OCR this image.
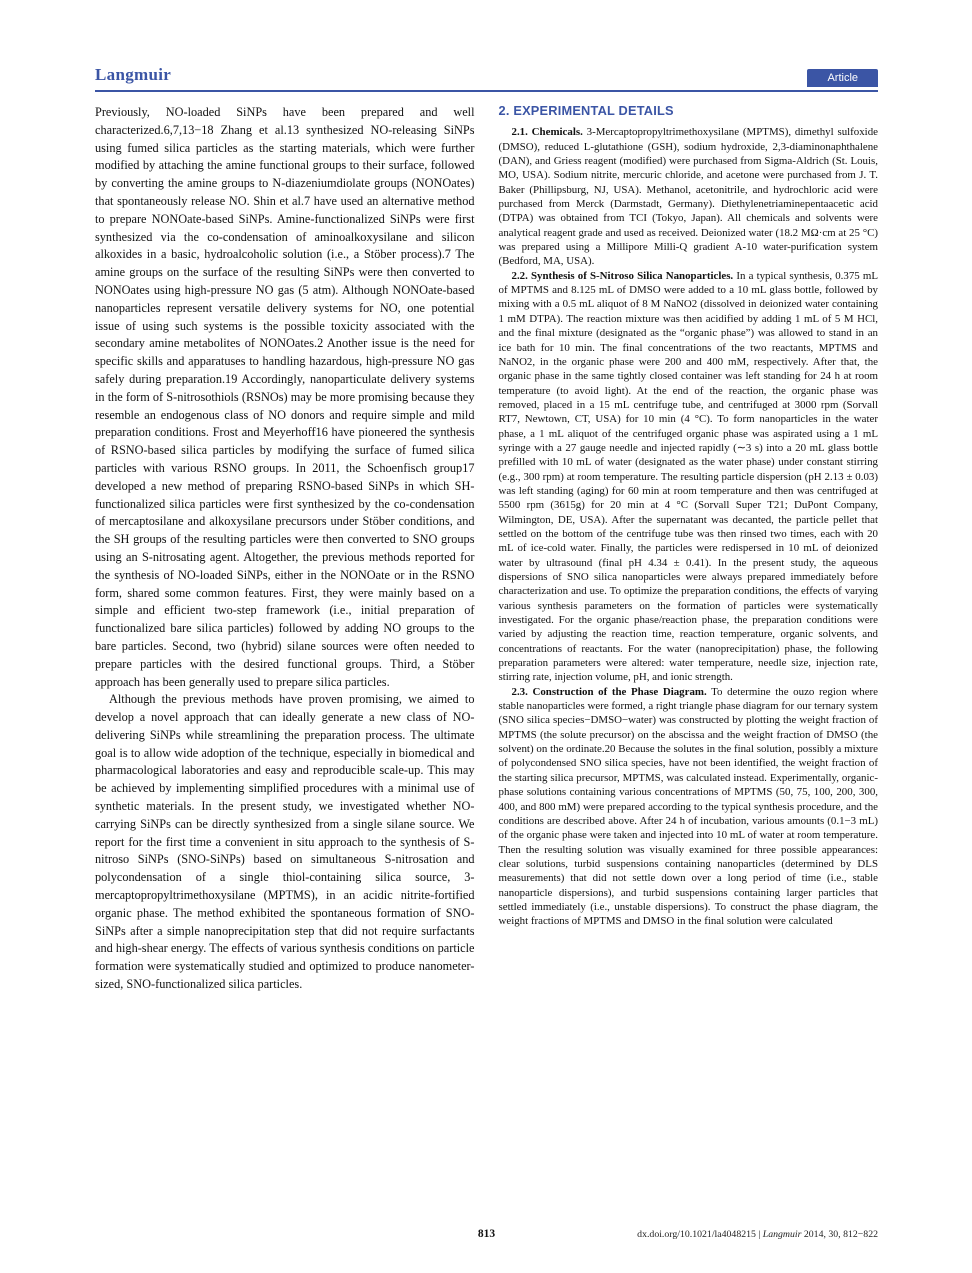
Langmuir	Article

Previously, NO-loaded SiNPs have been prepared and well characterized.6,7,13−18 Zhang et al.13 synthesized NO-releasing SiNPs using fumed silica particles as the starting materials, which were further modified by attaching the amine functional groups to their surface, followed by converting the amine groups to N-diazeniumdiolate groups (NONOates) that spontaneously release NO. Shin et al.7 have used an alternative method to prepare NONOate-based SiNPs. Amine-functionalized SiNPs were first synthesized via the co-condensation of aminoalkoxysilane and silicon alkoxides in a basic, hydroalcoholic solution (i.e., a Stöber process).7 The amine groups on the surface of the resulting SiNPs were then converted to NONOates using high-pressure NO gas (5 atm). Although NONOate-based nanoparticles represent versatile delivery systems for NO, one potential issue of using such systems is the possible toxicity associated with the secondary amine metabolites of NONOates.2 Another issue is the need for specific skills and apparatuses to handling hazardous, high-pressure NO gas safely during preparation.19 Accordingly, nanoparticulate delivery systems in the form of S-nitrosothiols (RSNOs) may be more promising because they resemble an endogenous class of NO donors and require simple and mild preparation conditions. Frost and Meyerhoff16 have pioneered the synthesis of RSNO-based silica particles by modifying the surface of fumed silica particles with various RSNO groups. In 2011, the Schoenfisch group17 developed a new method of preparing RSNO-based SiNPs in which SH-functionalized silica particles were first synthesized by the co-condensation of mercaptosilane and alkoxysilane precursors under Stöber conditions, and the SH groups of the resulting particles were then converted to SNO groups using an S-nitrosating agent. Altogether, the previous methods reported for the synthesis of NO-loaded SiNPs, either in the NONOate or in the RSNO form, shared some common features. First, they were mainly based on a simple and efficient two-step framework (i.e., initial preparation of functionalized bare silica particles) followed by adding NO groups to the bare particles. Second, two (hybrid) silane sources were often needed to prepare particles with the desired functional groups. Third, a Stöber approach has been generally used to prepare silica particles.

Although the previous methods have proven promising, we aimed to develop a novel approach that can ideally generate a new class of NO-delivering SiNPs while streamlining the preparation process. The ultimate goal is to allow wide adoption of the technique, especially in biomedical and pharmacological laboratories and easy and reproducible scale-up. This may be achieved by implementing simplified procedures with a minimal use of synthetic materials. In the present study, we investigated whether NO-carrying SiNPs can be directly synthesized from a single silane source. We report for the first time a convenient in situ approach to the synthesis of S-nitroso SiNPs (SNO-SiNPs) based on simultaneous S-nitrosation and polycondensation of a single thiol-containing silica source, 3-mercaptopropyltrimethoxysilane (MPTMS), in an acidic nitrite-fortified organic phase. The method exhibited the spontaneous formation of SNO-SiNPs after a simple nanoprecipitation step that did not require surfactants and high-shear energy. The effects of various synthesis conditions on particle formation were systematically studied and optimized to produce nanometer-sized, SNO-functionalized silica particles.

2. EXPERIMENTAL DETAILS

2.1. Chemicals. 3-Mercaptopropyltrimethoxysilane (MPTMS), dimethyl sulfoxide (DMSO), reduced L-glutathione (GSH), sodium hydroxide, 2,3-diaminonaphthalene (DAN), and Griess reagent (modified) were purchased from Sigma-Aldrich (St. Louis, MO, USA). Sodium nitrite, mercuric chloride, and acetone were purchased from J. T. Baker (Phillipsburg, NJ, USA). Methanol, acetonitrile, and hydrochloric acid were purchased from Merck (Darmstadt, Germany). Diethylenetriaminepentaacetic acid (DTPA) was obtained from TCI (Tokyo, Japan). All chemicals and solvents were analytical reagent grade and used as received. Deionized water (18.2 MΩ·cm at 25 °C) was prepared using a Millipore Milli-Q gradient A-10 water-purification system (Bedford, MA, USA).

2.2. Synthesis of S-Nitroso Silica Nanoparticles. In a typical synthesis, 0.375 mL of MPTMS and 8.125 mL of DMSO were added to a 10 mL glass bottle, followed by mixing with a 0.5 mL aliquot of 8 M NaNO2 (dissolved in deionized water containing 1 mM DTPA). The reaction mixture was then acidified by adding 1 mL of 5 M HCl, and the final mixture (designated as the “organic phase”) was allowed to stand in an ice bath for 10 min. The final concentrations of the two reactants, MPTMS and NaNO2, in the organic phase were 200 and 400 mM, respectively. After that, the organic phase in the same tightly closed container was left standing for 24 h at room temperature (to avoid light). At the end of the reaction, the organic phase was removed, placed in a 15 mL centrifuge tube, and centrifuged at 3000 rpm (Sorvall RT7, Newtown, CT, USA) for 10 min (4 °C). To form nanoparticles in the water phase, a 1 mL aliquot of the centrifuged organic phase was aspirated using a 1 mL syringe with a 27 gauge needle and injected rapidly (∼3 s) into a 20 mL glass bottle prefilled with 10 mL of water (designated as the water phase) under constant stirring (e.g., 300 rpm) at room temperature. The resulting particle dispersion (pH 2.13 ± 0.03) was left standing (aging) for 60 min at room temperature and then was centrifuged at 5500 rpm (3615g) for 20 min at 4 °C (Sorvall Super T21; DuPont Company, Wilmington, DE, USA). After the supernatant was decanted, the particle pellet that settled on the bottom of the centrifuge tube was then rinsed two times, each with 20 mL of ice-cold water. Finally, the particles were redispersed in 10 mL of deionized water by ultrasound (final pH 4.34 ± 0.41). In the present study, the aqueous dispersions of SNO silica nanoparticles were always prepared immediately before characterization and use. To optimize the preparation conditions, the effects of varying various synthesis parameters on the formation of particles were systematically investigated. For the organic phase/reaction phase, the preparation conditions were varied by adjusting the reaction time, reaction temperature, organic solvents, and concentrations of reactants. For the water (nanoprecipitation) phase, the following preparation parameters were altered: water temperature, needle size, injection rate, stirring rate, injection volume, pH, and ionic strength.

2.3. Construction of the Phase Diagram. To determine the ouzo region where stable nanoparticles were formed, a right triangle phase diagram for our ternary system (SNO silica species−DMSO−water) was constructed by plotting the weight fraction of MPTMS (the solute precursor) on the abscissa and the weight fraction of DMSO (the solvent) on the ordinate.20 Because the solutes in the final solution, possibly a mixture of polycondensed SNO silica species, have not been identified, the weight fraction of the starting silica precursor, MPTMS, was calculated instead. Experimentally, organic-phase solutions containing various concentrations of MPTMS (50, 75, 100, 200, 300, 400, and 800 mM) were prepared according to the typical synthesis procedure, and the conditions are described above. After 24 h of incubation, various amounts (0.1−3 mL) of the organic phase were taken and injected into 10 mL of water at room temperature. Then the resulting solution was visually examined for three possible appearances: clear solutions, turbid suspensions containing nanoparticles (determined by DLS measurements) that did not settle down over a long period of time (i.e., stable nanoparticle dispersions), and turbid suspensions containing larger particles that settled immediately (i.e., unstable dispersions). To construct the phase diagram, the weight fractions of MPTMS and DMSO in the final solution were calculated

813	dx.doi.org/10.1021/la4048215 | Langmuir 2014, 30, 812−822
